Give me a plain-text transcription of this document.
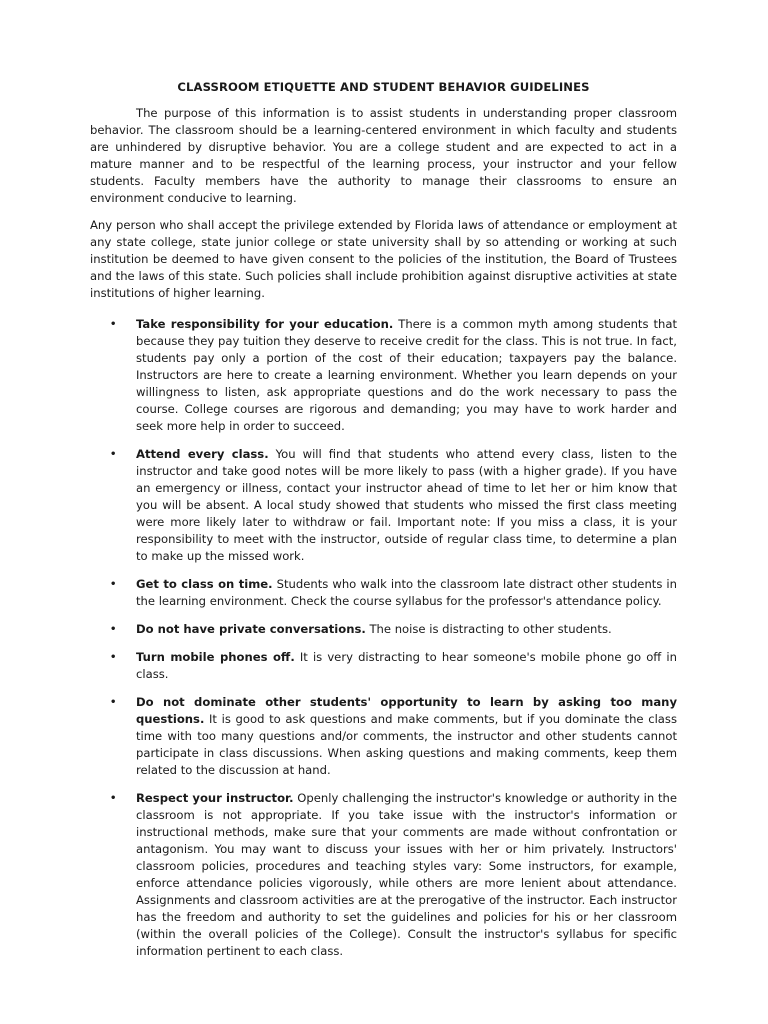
CLASSROOM ETIQUETTE AND STUDENT BEHAVIOR GUIDELINES

The purpose of this information is to assist students in understanding proper classroom behavior. The classroom should be a learning-centered environment in which faculty and students are unhindered by disruptive behavior. You are a college student and are expected to act in a mature manner and to be respectful of the learning process, your instructor and your fellow students. Faculty members have the authority to manage their classrooms to ensure an environment conducive to learning.

Any person who shall accept the privilege extended by Florida laws of attendance or employment at any state college, state junior college or state university shall by so attending or working at such institution be deemed to have given consent to the policies of the institution, the Board of Trustees and the laws of this state. Such policies shall include prohibition against disruptive activities at state institutions of higher learning.

•	Take responsibility for your education. There is a common myth among students that because they pay tuition they deserve to receive credit for the class. This is not true. In fact, students pay only a portion of the cost of their education; taxpayers pay the balance. Instructors are here to create a learning environment. Whether you learn depends on your willingness to listen, ask appropriate questions and do the work necessary to pass the course. College courses are rigorous and demanding; you may have to work harder and seek more help in order to succeed.
•	Attend every class. You will find that students who attend every class, listen to the instructor and take good notes will be more likely to pass (with a higher grade). If you have an emergency or illness, contact your instructor ahead of time to let her or him know that you will be absent. A local study showed that students who missed the first class meeting were more likely later to withdraw or fail. Important note: If you miss a class, it is your responsibility to meet with the instructor, outside of regular class time, to determine a plan to make up the missed work.
•	Get to class on time. Students who walk into the classroom late distract other students in the learning environment. Check the course syllabus for the professor's attendance policy.
•	Do not have private conversations. The noise is distracting to other students.
•	Turn mobile phones off. It is very distracting to hear someone's mobile phone go off in class.
•	Do not dominate other students' opportunity to learn by asking too many questions. It is good to ask questions and make comments, but if you dominate the class time with too many questions and/or comments, the instructor and other students cannot participate in class discussions. When asking questions and making comments, keep them related to the discussion at hand.
•	Respect your instructor. Openly challenging the instructor's knowledge or authority in the classroom is not appropriate. If you take issue with the instructor's information or instructional methods, make sure that your comments are made without confrontation or antagonism. You may want to discuss your issues with her or him privately. Instructors' classroom policies, procedures and teaching styles vary: Some instructors, for example, enforce attendance policies vigorously, while others are more lenient about attendance. Assignments and classroom activities are at the prerogative of the instructor. Each instructor has the freedom and authority to set the guidelines and policies for his or her classroom (within the overall policies of the College). Consult the instructor's syllabus for specific information pertinent to each class.
